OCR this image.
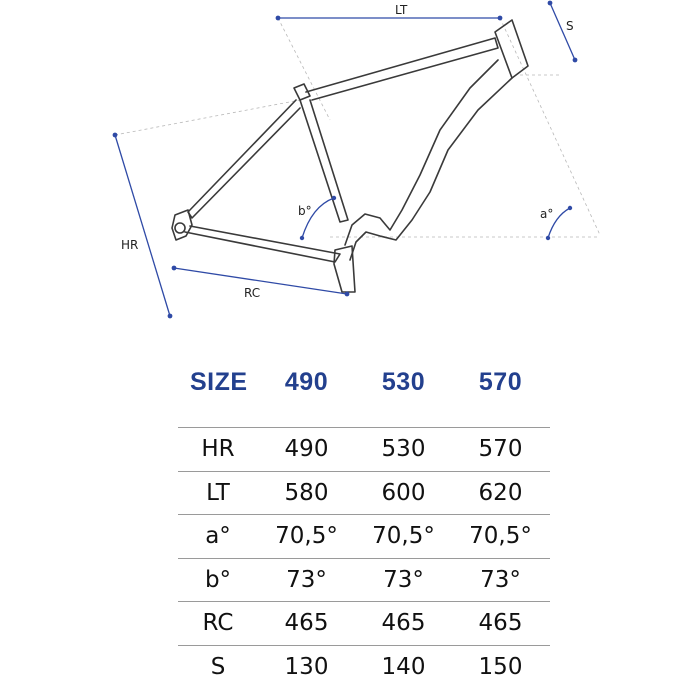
LT
S
HR
RC
b°	a°
SIZE	490	530	570
HR	490	530	570
LT	580	600	620
a°	70,5°	70,5°	70,5°
b°	73°	73°	73°
RC	465	465	465
S	130	140	150
